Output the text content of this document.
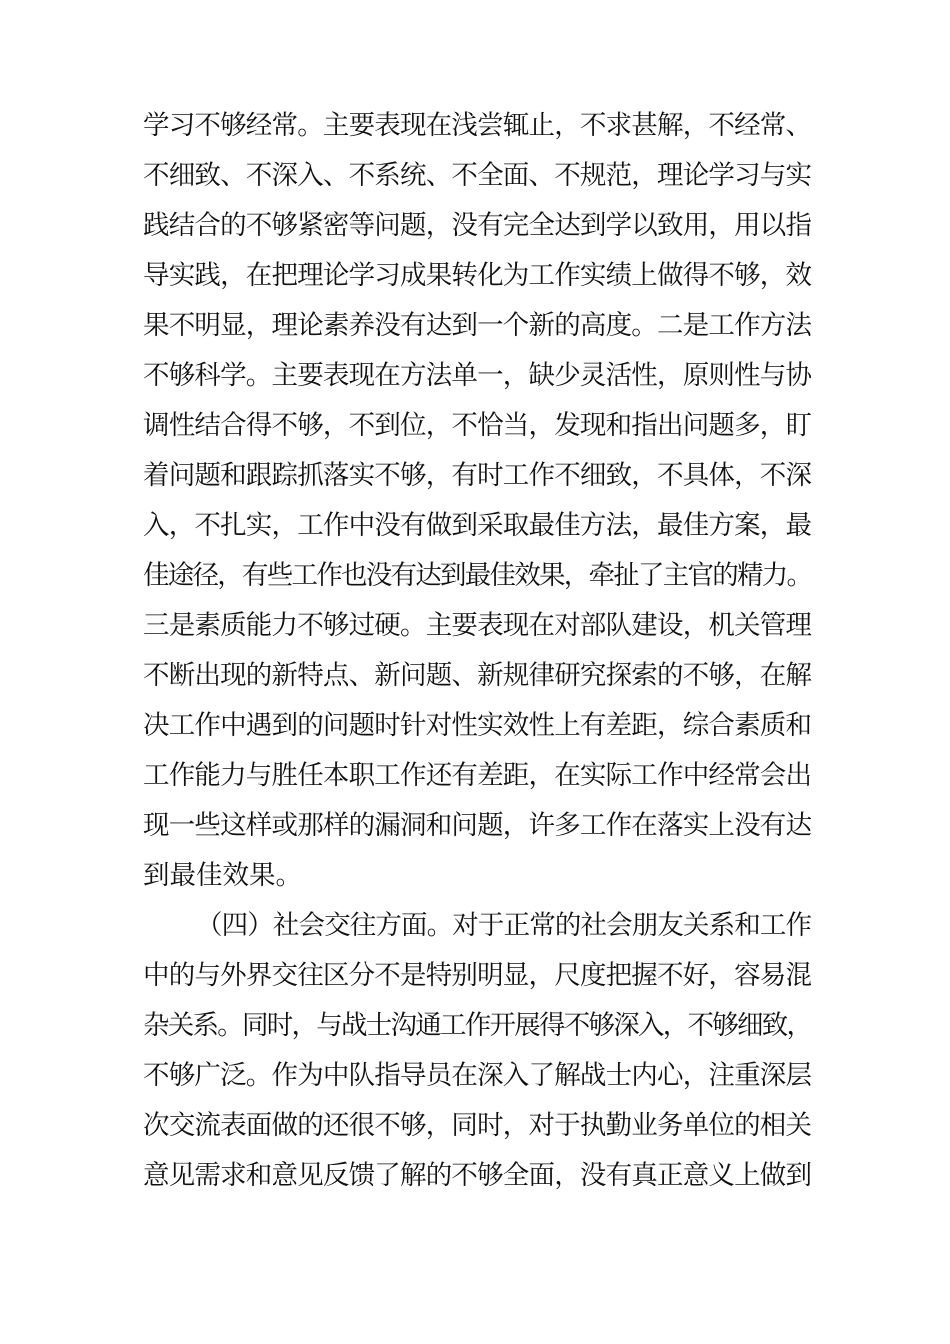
学习不够经常。主要表现在浅尝辄止，不求甚解，不经常、
不细致、不深入、不系统、不全面、不规范，理论学习与实
践结合的不够紧密等问题，没有完全达到学以致用，用以指
导实践，在把理论学习成果转化为工作实绩上做得不够，效
果不明显，理论素养没有达到一个新的高度。二是工作方法
不够科学。主要表现在方法单一，缺少灵活性，原则性与协
调性结合得不够，不到位，不恰当，发现和指出问题多，盯
着问题和跟踪抓落实不够，有时工作不细致，不具体，不深
入，不扎实，工作中没有做到采取最佳方法，最佳方案，最
佳途径，有些工作也没有达到最佳效果，牵扯了主官的精力。
三是素质能力不够过硬。主要表现在对部队建设，机关管理
不断出现的新特点、新问题、新规律研究探索的不够，在解
决工作中遇到的问题时针对性实效性上有差距，综合素质和
工作能力与胜任本职工作还有差距，在实际工作中经常会出
现一些这样或那样的漏洞和问题，许多工作在落实上没有达
到最佳效果。
（四）社会交往方面。对于正常的社会朋友关系和工作
中的与外界交往区分不是特别明显，尺度把握不好，容易混
杂关系。同时，与战士沟通工作开展得不够深入，不够细致，
不够广泛。作为中队指导员在深入了解战士内心，注重深层
次交流表面做的还很不够，同时，对于执勤业务单位的相关
意见需求和意见反馈了解的不够全面，没有真正意义上做到
